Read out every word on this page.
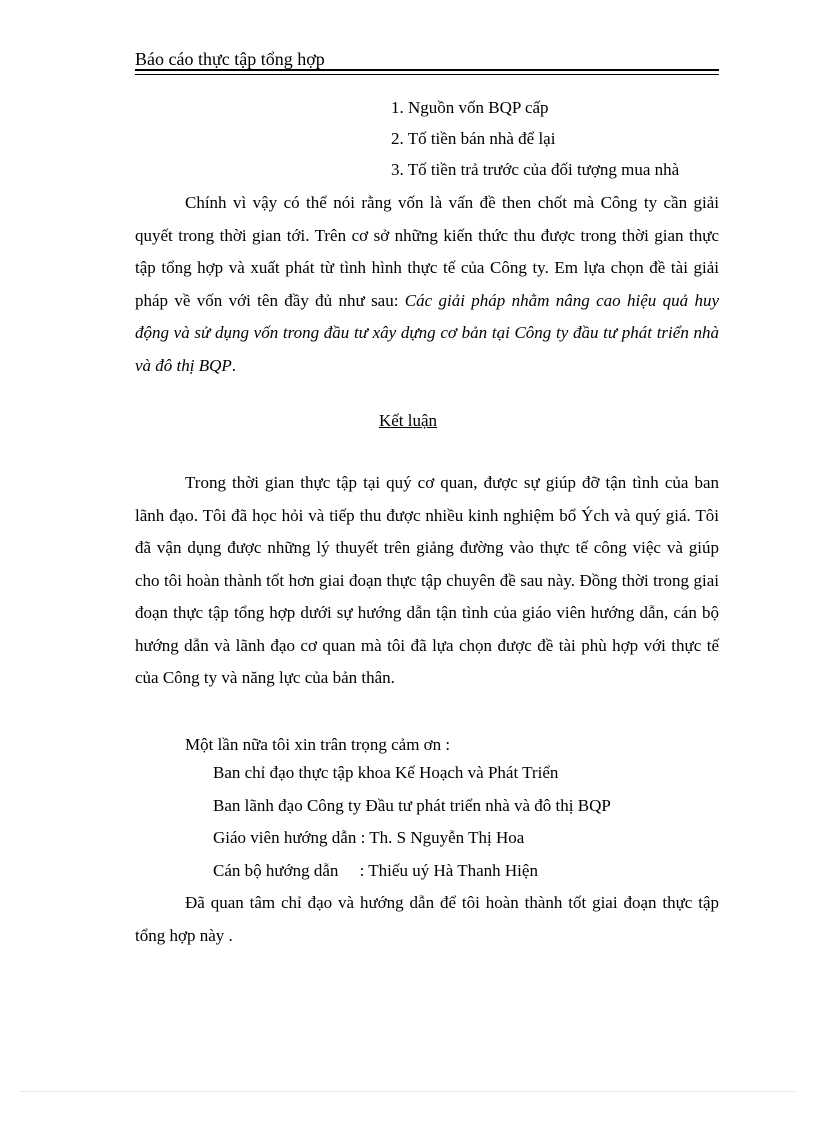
Báo cáo thực tập tổng hợp
1. Nguồn vốn BQP cấp
2. Tố tiền bán nhà để lại
3. Tố tiền trả trước của đối tượng mua nhà

Chính vì vậy có thể nói rằng vốn là vấn đề then chốt mà Công ty cần giải quyết trong thời gian tới. Trên cơ sở những kiến thức thu được trong thời gian thực tập tổng hợp và xuất phát từ tình hình thực tế của Công ty. Em lựa chọn đề tài giải pháp về vốn với tên đầy đủ như sau: Các giải pháp nhằm nâng cao hiệu quả huy động và sử dụng vốn trong đầu tư xây dựng cơ bản tại Công ty đầu tư phát triển nhà và đô thị BQP.

Kết luận

Trong thời gian thực tập tại quý cơ quan, được sự giúp đỡ tận tình của ban lãnh đạo. Tôi đã học hỏi và tiếp thu được nhiều kinh nghiệm bổ Ých và quý giá. Tôi đã vận dụng được những lý thuyết trên giảng đường vào thực tế công việc và giúp cho tôi hoàn thành tốt hơn giai đoạn thực tập chuyên đề sau này. Đồng thời trong giai đoạn thực tập tổng hợp dưới sự hướng dẫn tận tình của giáo viên hướng dẫn, cán bộ hướng dẫn và lãnh đạo cơ quan mà tôi đã lựa chọn được đề tài phù hợp với thực tế của Công ty và năng lực của bản thân.

Một lần nữa tôi xin trân trọng cảm ơn :
Ban chỉ đạo thực tập khoa Kế Hoạch và Phát Triển
Ban lãnh đạo Công ty Đầu tư phát triển nhà và đô thị BQP
Giáo viên hướng dẫn : Th. S Nguyễn Thị Hoa
Cán bộ hướng dẫn     : Thiếu uý Hà Thanh Hiện

Đã quan tâm chỉ đạo và hướng dẫn để tôi hoàn thành tốt giai đoạn thực tập tổng hợp này .
